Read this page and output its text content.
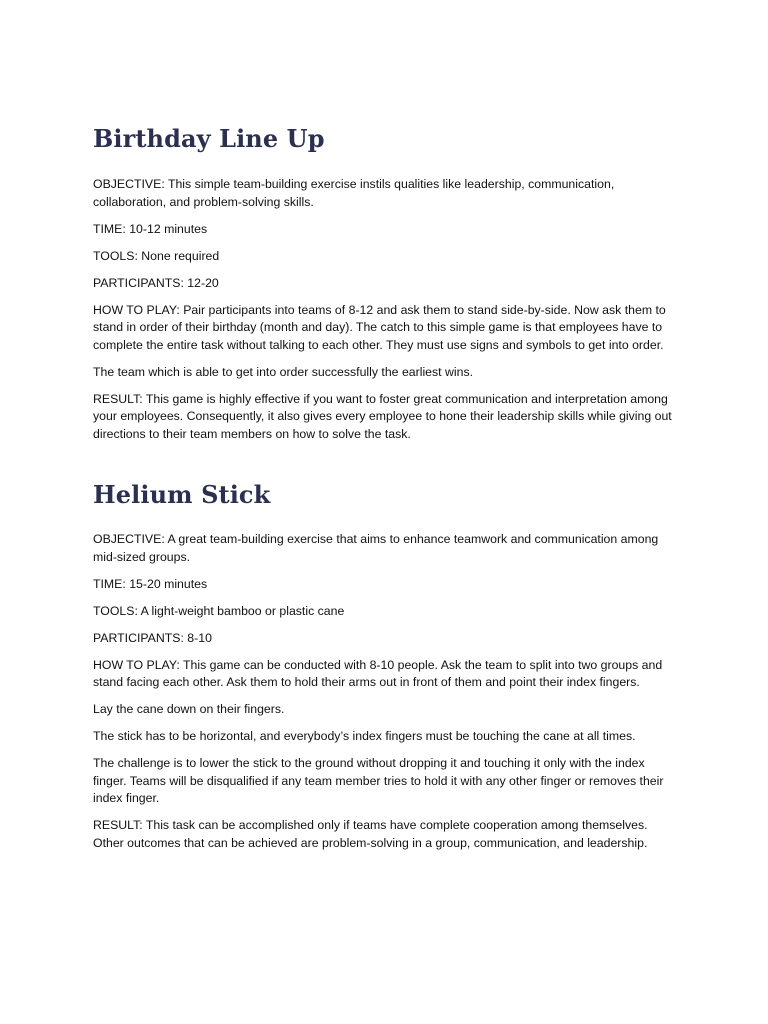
Birthday Line Up

OBJECTIVE: This simple team-building exercise instils qualities like leadership, communication, collaboration, and problem-solving skills.

TIME: 10-12 minutes

TOOLS: None required

PARTICIPANTS: 12-20

HOW TO PLAY: Pair participants into teams of 8-12 and ask them to stand side-by-side. Now ask them to stand in order of their birthday (month and day). The catch to this simple game is that employees have to complete the entire task without talking to each other. They must use signs and symbols to get into order.

The team which is able to get into order successfully the earliest wins.

RESULT: This game is highly effective if you want to foster great communication and interpretation among your employees. Consequently, it also gives every employee to hone their leadership skills while giving out directions to their team members on how to solve the task.

Helium Stick

OBJECTIVE: A great team-building exercise that aims to enhance teamwork and communication among mid-sized groups.

TIME: 15-20 minutes

TOOLS: A light-weight bamboo or plastic cane

PARTICIPANTS: 8-10

HOW TO PLAY: This game can be conducted with 8-10 people. Ask the team to split into two groups and stand facing each other. Ask them to hold their arms out in front of them and point their index fingers.

Lay the cane down on their fingers.

The stick has to be horizontal, and everybody’s index fingers must be touching the cane at all times.

The challenge is to lower the stick to the ground without dropping it and touching it only with the index finger. Teams will be disqualified if any team member tries to hold it with any other finger or removes their index finger.

RESULT: This task can be accomplished only if teams have complete cooperation among themselves. Other outcomes that can be achieved are problem-solving in a group, communication, and leadership.
